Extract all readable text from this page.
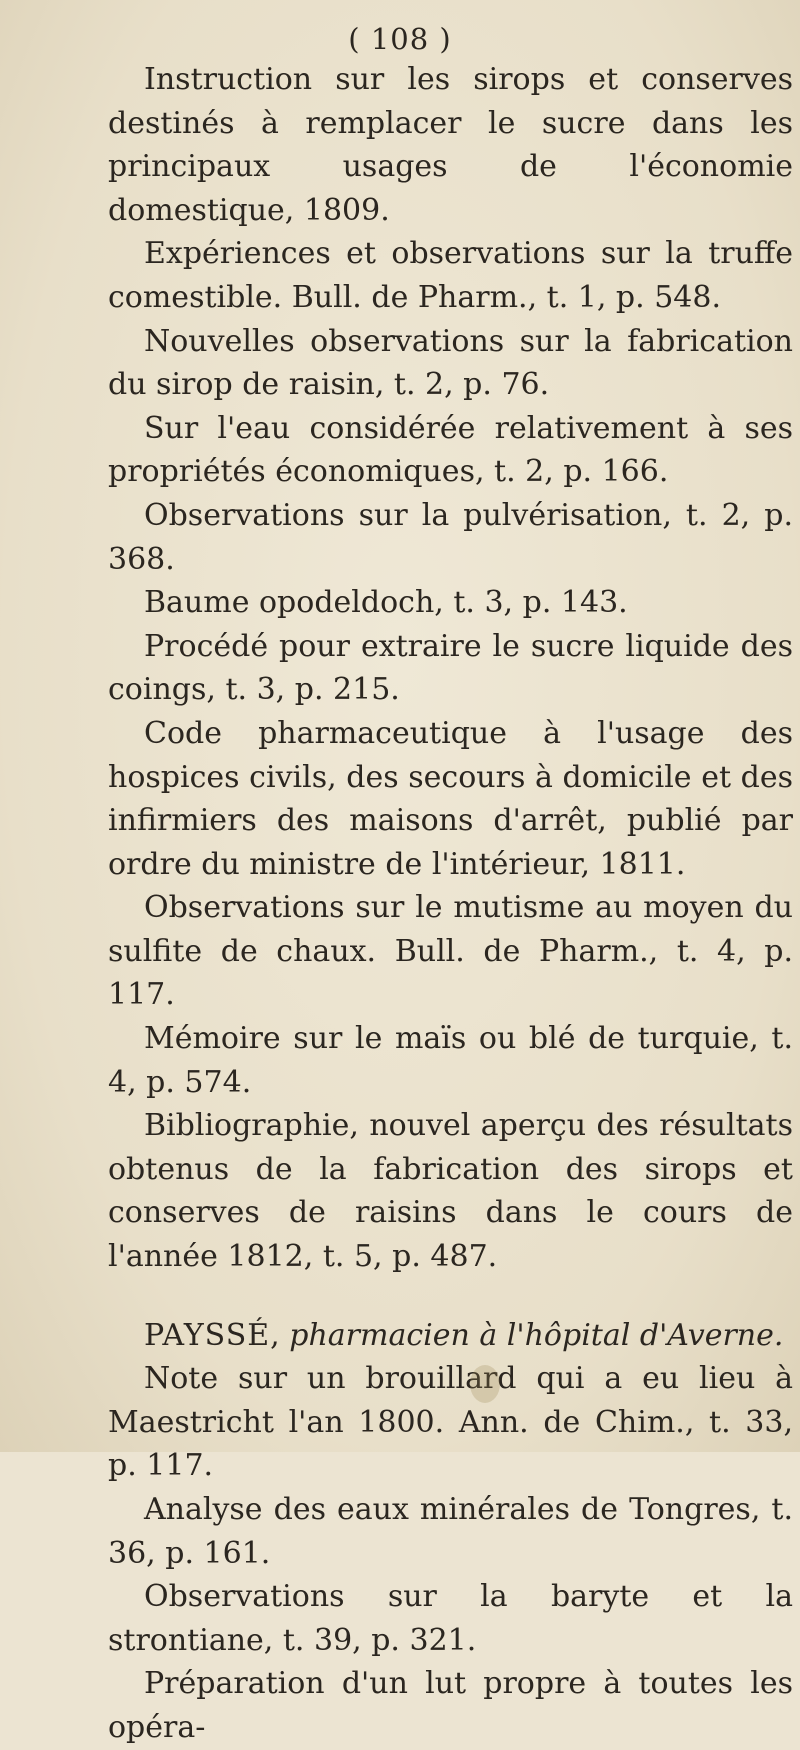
( 108 )

Instruction sur les sirops et conserves destinés à remplacer le sucre dans les principaux usages de l'économie domestique, 1809.

Expériences et observations sur la truffe comestible. Bull. de Pharm., t. 1, p. 548.

Nouvelles observations sur la fabrication du sirop de raisin, t. 2, p. 76.

Sur l'eau considérée relativement à ses propriétés économiques, t. 2, p. 166.

Observations sur la pulvérisation, t. 2, p. 368.

Baume opodeldoch, t. 3, p. 143.

Procédé pour extraire le sucre liquide des coings, t. 3, p. 215.

Code pharmaceutique à l'usage des hospices civils, des secours à domicile et des infirmiers des maisons d'arrêt, publié par ordre du ministre de l'intérieur, 1811.

Observations sur le mutisme au moyen du sulfite de chaux. Bull. de Pharm., t. 4, p. 117.

Mémoire sur le maïs ou blé de turquie, t. 4, p. 574.

Bibliographie, nouvel aperçu des résultats obtenus de la fabrication des sirops et conserves de raisins dans le cours de l'année 1812, t. 5, p. 487.

PAYSSÉ, pharmacien à l'hôpital d'Averne.

Note sur un brouillard qui a eu lieu à Maestricht l'an 1800. Ann. de Chim., t. 33, p. 117.

Analyse des eaux minérales de Tongres, t. 36, p. 161.

Observations sur la baryte et la strontiane, t. 39, p. 321.

Préparation d'un lut propre à toutes les opéra-
